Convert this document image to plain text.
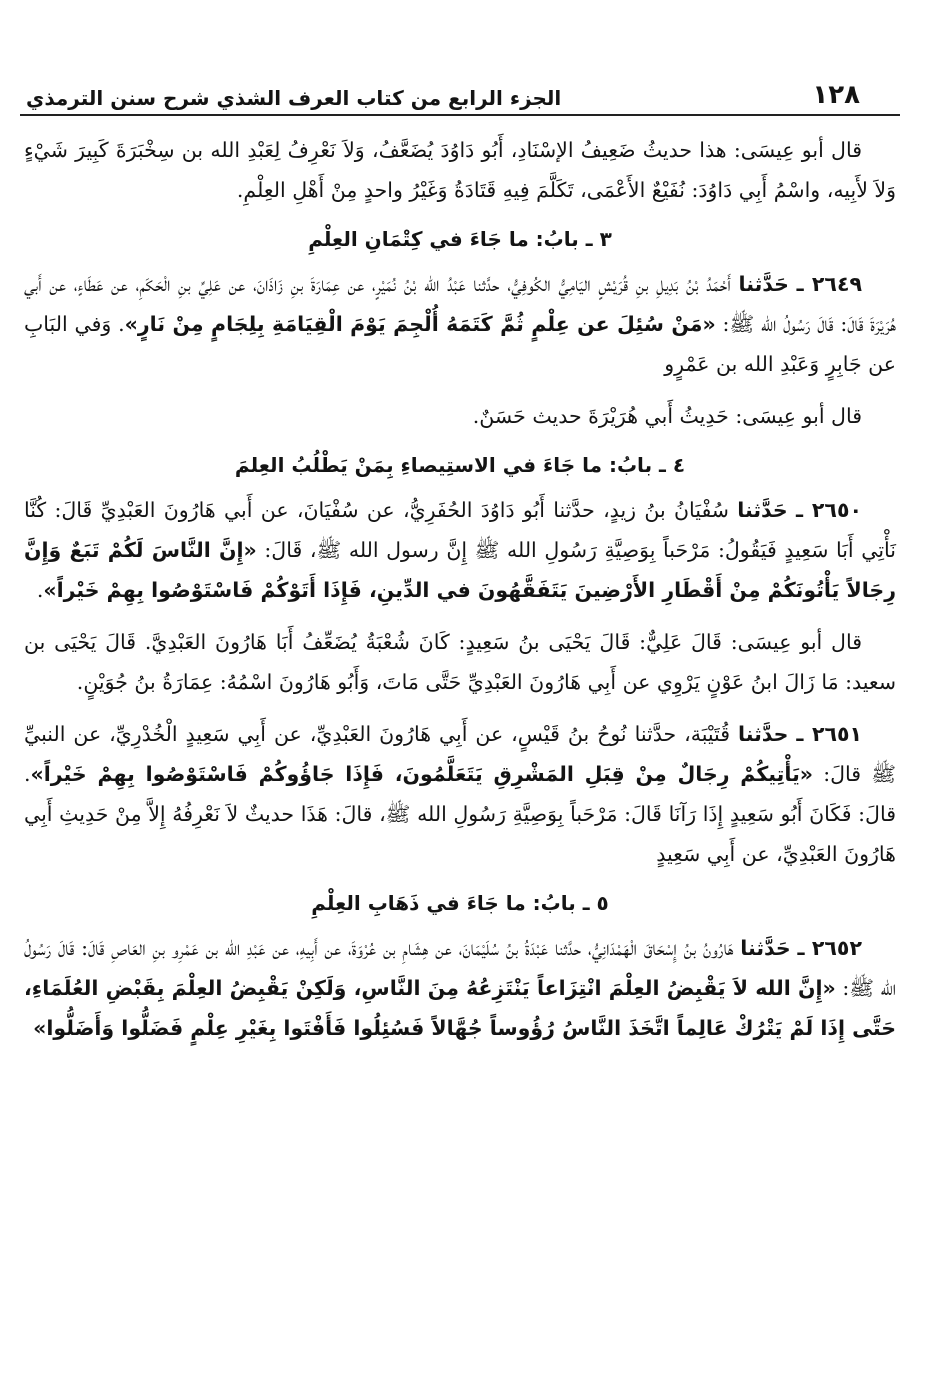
١٢٨
الجزء الرابع من كتاب العرف الشذي شرح سنن الترمذي

قال أبو عِيسَى: هذا حديثُ ضَعِيفُ الإسْنَادِ، أَبُو دَاوُدَ يُضَعَّفُ، وَلاَ نَعْرِفُ لِعَبْدِ الله بن سِخْبَرَةَ كَبِيرَ شَيْءٍ وَلاَ لأَبِيه، واسْمُ أَبِي دَاوُدَ: نُفَيْعٌ الأَعْمَى، تَكَلَّمَ فِيهِ قَتَادَةُ وَغَيْرُ واحدٍ مِنْ أَهْلِ العِلْمِ.

٣ ـ بابُ: ما جَاءَ في كِتْمَانِ العِلْمِ

٢٦٤٩ ـ حَدَّثنا أَحْمَدُ بْنُ بَدِيلِ بنِ قُرَيْشٍ اليَامِيُّ الكُوفِيُّ، حدَّثنا عَبْدُ الله بْنُ نُمَيْرٍ، عن عِمَارَةَ بنِ زَاذَانَ، عن عَلِيِّ بنِ الْحَكَمِ، عن عَطَاءٍ، عن أَبي هُرَيْرَةَ قَالَ: قَالَ رَسُولُ الله ﷺ: «مَنْ سُئِلَ عن عِلْمٍ ثُمَّ كَتَمَهُ أُلْجِمَ يَوْمَ الْقِيَامَةِ بِلِجَامٍ مِنْ نَارٍ». وَفي البَابِ عن جَابِرٍ وَعَبْدِ الله بن عَمْرٍو

قال أبو عِيسَى: حَدِيثُ أَبي هُرَيْرَةَ حديث حَسَنٌ.

٤ ـ بابُ: ما جَاءَ في الاستِيصاءِ بِمَنْ يَطْلُبُ العِلمَ

٢٦٥٠ ـ حَدَّثنا سُفْيَانُ بنُ زيدٍ، حدَّثنا أَبُو دَاوُدَ الحُفَرِيُّ، عن سُفْيَانَ، عن أَبي هَارُونَ العَبْدِيِّ قَالَ: كُنَّا نَأْتِي أَبَا سَعِيدٍ فَيَقُولُ: مَرْحَباً بِوَصِيَّةِ رَسُولِ الله ﷺ إِنَّ رسول الله ﷺ، قَالَ: «إِنَّ النَّاسَ لَكُمْ تَبَعٌ وَإِنَّ رِجَالاً يَأْتُونَكُمْ مِنْ أَقْطَارِ الأَرْضِينَ يَتَفَقَّهُونَ في الدِّينِ، فَإِذَا أَتَوْكُمْ فَاسْتَوْصُوا بِهِمْ خَيْراً».

قال أبو عِيسَى: قَالَ عَلِيٌّ: قَالَ يَحْيَى بنُ سَعِيدٍ: كَانَ شُعْبَةُ يُضَعِّفُ أَبَا هَارُونَ العَبْدِيَّ. قَالَ يَحْيَى بن سعيد: مَا زَالَ ابنُ عَوْنٍ يَرْوِي عن أَبِي هَارُونَ العَبْدِيِّ حَتَّى مَاتَ، وَأَبُو هَارُونَ اسْمُهُ: عِمَارَةُ بنُ جُوَيْنٍ.

٢٦٥١ ـ حدَّثنا قُتَيْبَة، حدَّثنا نُوحُ بنُ قَيْسٍ، عن أَبِي هَارُونَ العَبْدِيِّ، عن أَبِي سَعِيدٍ الْخُدْرِيِّ، عن النبيِّ ﷺ قالَ: «يَأْتِيكُمْ رِجَالٌ مِنْ قِبَلِ المَشْرِقِ يَتَعَلَّمُونَ، فَإِذَا جَاؤُوكُمْ فَاسْتَوْصُوا بِهِمْ خَيْراً». قالَ: فَكَانَ أَبُو سَعِيدٍ إِذَا رَآنَا قَالَ: مَرْحَباً بِوَصِيَّةِ رَسُولِ الله ﷺ، قالَ: هَذَا حديثٌ لاَ نَعْرِفُهُ إِلاَّ مِنْ حَدِيثِ أَبِي هَارُونَ العَبْدِيِّ، عن أَبِي سَعِيدٍ

٥ ـ بابُ: ما جَاءَ في ذَهَابِ العِلْمِ

٢٦٥٢ ـ حَدَّثنا هَارُونُ بنُ إِسْحَاقَ الْهَمْدَانِيُّ، حدَّثنا عَبْدَةُ بنُ سُلَيْمَانَ، عن هِشَامِ بن عُرْوَةَ، عن أَبِيهِ، عن عَبْدِ الله بن عَمْرِو بنِ العَاصِ قَالَ: قَالَ رَسُولُ الله ﷺ: «إِنَّ الله لاَ يَقْبِضُ العِلْمَ انْتِزَاعاً يَنْتَزِعُهُ مِنَ النَّاسِ، وَلَكِنْ يَقْبِضُ العِلْمَ بِقَبْضِ العُلَمَاءِ، حَتَّى إِذَا لَمْ يَتْرُكْ عَالِماً اتَّخَذَ النَّاسُ رُؤُوساً جُهَّالاً فَسُئِلُوا فَأَفْتَوا بِغَيْرِ عِلْمٍ فَضَلُّوا وَأَضَلُّوا»
